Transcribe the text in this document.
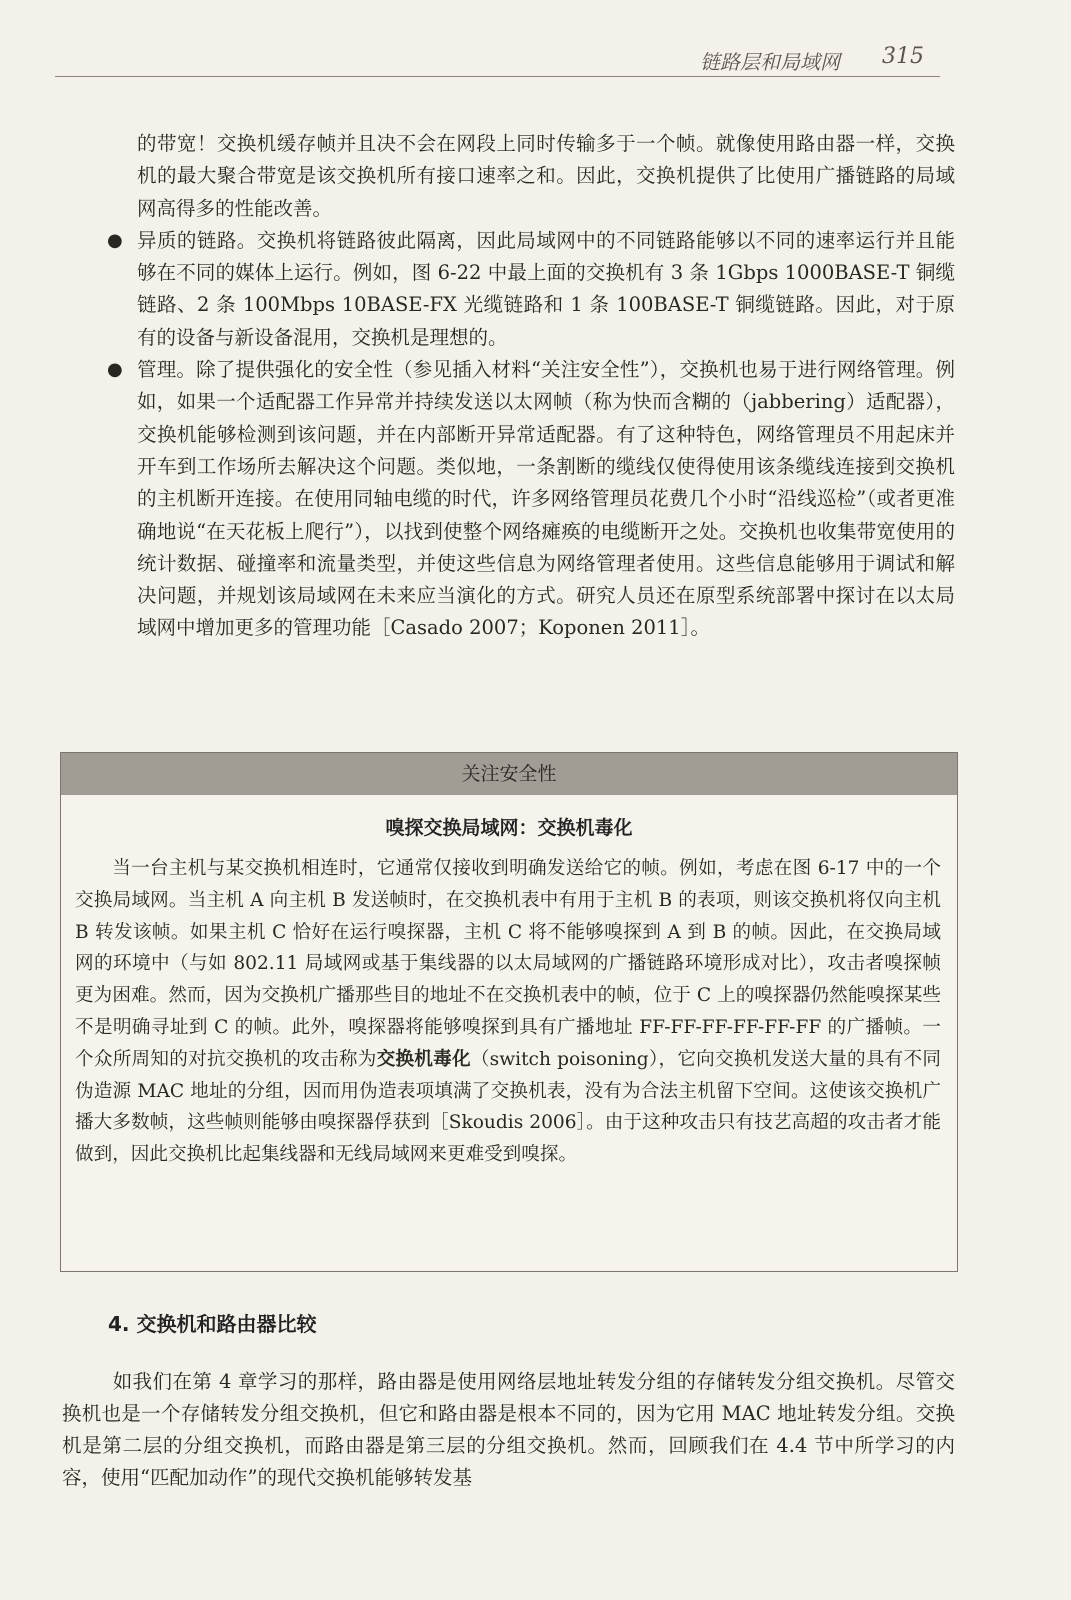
链路层和局域网 315

的带宽！交换机缓存帧并且决不会在网段上同时传输多于一个帧。就像使用路由器一样，交换机的最大聚合带宽是该交换机所有接口速率之和。因此，交换机提供了比使用广播链路的局域网高得多的性能改善。

● 异质的链路。交换机将链路彼此隔离，因此局域网中的不同链路能够以不同的速率运行并且能够在不同的媒体上运行。例如，图 6-22 中最上面的交换机有 3 条 1Gbps 1000BASE-T 铜缆链路、2 条 100Mbps 10BASE-FX 光缆链路和 1 条 100BASE-T 铜缆链路。因此，对于原有的设备与新设备混用，交换机是理想的。

● 管理。除了提供强化的安全性（参见插入材料“关注安全性”），交换机也易于进行网络管理。例如，如果一个适配器工作异常并持续发送以太网帧（称为快而含糊的（jabbering）适配器），交换机能够检测到该问题，并在内部断开异常适配器。有了这种特色，网络管理员不用起床并开车到工作场所去解决这个问题。类似地，一条割断的缆线仅使得使用该条缆线连接到交换机的主机断开连接。在使用同轴电缆的时代，许多网络管理员花费几个小时“沿线巡检”（或者更准确地说“在天花板上爬行”），以找到使整个网络瘫痪的电缆断开之处。交换机也收集带宽使用的统计数据、碰撞率和流量类型，并使这些信息为网络管理者使用。这些信息能够用于调试和解决问题，并规划该局域网在未来应当演化的方式。研究人员还在原型系统部署中探讨在以太局域网中增加更多的管理功能［Casado 2007；Koponen 2011］。

关注安全性
嗅探交换局域网：交换机毒化

当一台主机与某交换机相连时，它通常仅接收到明确发送给它的帧。例如，考虑在图 6-17 中的一个交换局域网。当主机 A 向主机 B 发送帧时，在交换机表中有用于主机 B 的表项，则该交换机将仅向主机 B 转发该帧。如果主机 C 恰好在运行嗅探器，主机 C 将不能够嗅探到 A 到 B 的帧。因此，在交换局域网的环境中（与如 802.11 局域网或基于集线器的以太局域网的广播链路环境形成对比），攻击者嗅探帧更为困难。然而，因为交换机广播那些目的地址不在交换机表中的帧，位于 C 上的嗅探器仍然能嗅探某些不是明确寻址到 C 的帧。此外，嗅探器将能够嗅探到具有广播地址 FF-FF-FF-FF-FF-FF 的广播帧。一个众所周知的对抗交换机的攻击称为交换机毒化（switch poisoning），它向交换机发送大量的具有不同伪造源 MAC 地址的分组，因而用伪造表项填满了交换机表，没有为合法主机留下空间。这使该交换机广播大多数帧，这些帧则能够由嗅探器俘获到［Skoudis 2006］。由于这种攻击只有技艺高超的攻击者才能做到，因此交换机比起集线器和无线局域网来更难受到嗅探。

4. 交换机和路由器比较

如我们在第 4 章学习的那样，路由器是使用网络层地址转发分组的存储转发分组交换机。尽管交换机也是一个存储转发分组交换机，但它和路由器是根本不同的，因为它用 MAC 地址转发分组。交换机是第二层的分组交换机，而路由器是第三层的分组交换机。然而，回顾我们在 4.4 节中所学习的内容，使用“匹配加动作”的现代交换机能够转发基
